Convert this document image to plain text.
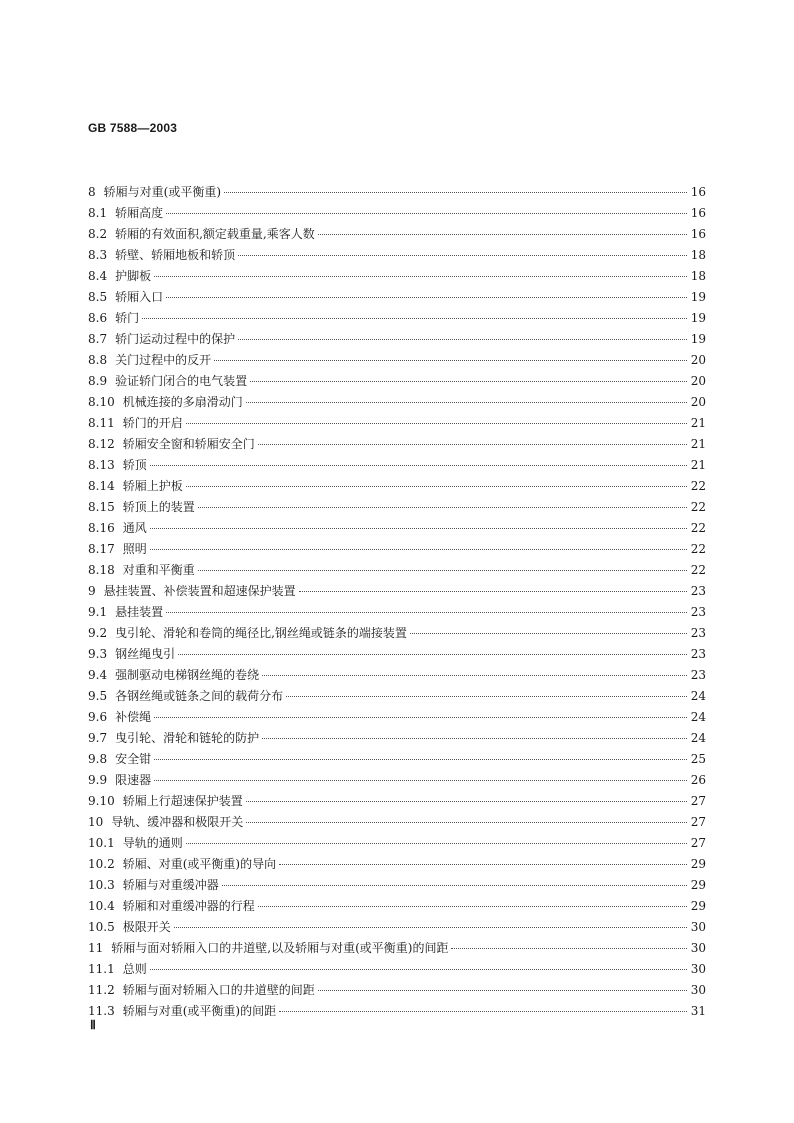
GB 7588—2003
8 轿厢与对重(或平衡重)	16
8.1 轿厢高度	16
8.2 轿厢的有效面积,额定载重量,乘客人数	16
8.3 轿壁、轿厢地板和轿顶	18
8.4 护脚板	18
8.5 轿厢入口	19
8.6 轿门	19
8.7 轿门运动过程中的保护	19
8.8 关门过程中的反开	20
8.9 验证轿门闭合的电气装置	20
8.10 机械连接的多扇滑动门	20
8.11 轿门的开启	21
8.12 轿厢安全窗和轿厢安全门	21
8.13 轿顶	21
8.14 轿厢上护板	22
8.15 轿顶上的装置	22
8.16 通风	22
8.17 照明	22
8.18 对重和平衡重	22
9 悬挂装置、补偿装置和超速保护装置	23
9.1 悬挂装置	23
9.2 曳引轮、滑轮和卷筒的绳径比,钢丝绳或链条的端接装置	23
9.3 钢丝绳曳引	23
9.4 强制驱动电梯钢丝绳的卷绕	23
9.5 各钢丝绳或链条之间的载荷分布	24
9.6 补偿绳	24
9.7 曳引轮、滑轮和链轮的防护	24
9.8 安全钳	25
9.9 限速器	26
9.10 轿厢上行超速保护装置	27
10 导轨、缓冲器和极限开关	27
10.1 导轨的通则	27
10.2 轿厢、对重(或平衡重)的导向	29
10.3 轿厢与对重缓冲器	29
10.4 轿厢和对重缓冲器的行程	29
10.5 极限开关	30
11 轿厢与面对轿厢入口的井道壁,以及轿厢与对重(或平衡重)的间距	30
11.1 总则	30
11.2 轿厢与面对轿厢入口的井道壁的间距	30
11.3 轿厢与对重(或平衡重)的间距	31
Ⅱ
